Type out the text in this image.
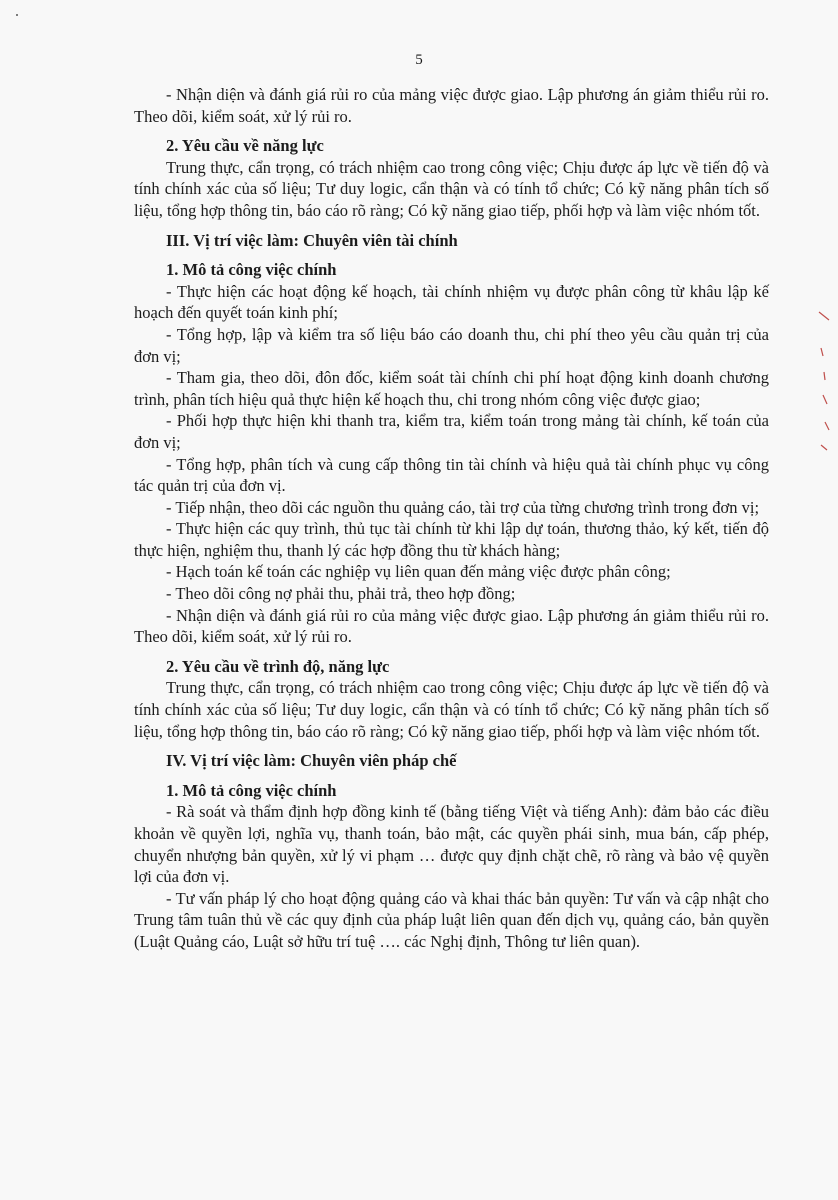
5

- Nhận diện và đánh giá rủi ro của mảng việc được giao. Lập phương án giảm thiểu rủi ro. Theo dõi, kiểm soát, xử lý rủi ro.

2. Yêu cầu về năng lực

Trung thực, cẩn trọng, có trách nhiệm cao trong công việc; Chịu được áp lực về tiến độ và tính chính xác của số liệu; Tư duy logic, cẩn thận và có tính tổ chức; Có kỹ năng phân tích số liệu, tổng hợp thông tin, báo cáo rõ ràng; Có kỹ năng giao tiếp, phối hợp và làm việc nhóm tốt.

III. Vị trí việc làm: Chuyên viên tài chính

1. Mô tả công việc chính

- Thực hiện các hoạt động kế hoạch, tài chính nhiệm vụ được phân công từ khâu lập kế hoạch đến quyết toán kinh phí;

- Tổng hợp, lập và kiểm tra số liệu báo cáo doanh thu, chi phí theo yêu cầu quản trị của đơn vị;

- Tham gia, theo dõi, đôn đốc, kiểm soát tài chính chi phí hoạt động kinh doanh chương trình, phân tích hiệu quả thực hiện kế hoạch thu, chi trong nhóm công việc được giao;

- Phối hợp thực hiện khi thanh tra, kiểm tra, kiểm toán trong mảng tài chính, kế toán của đơn vị;

- Tổng hợp, phân tích và cung cấp thông tin tài chính và hiệu quả tài chính phục vụ công tác quản trị của đơn vị.

- Tiếp nhận, theo dõi các nguồn thu quảng cáo, tài trợ của từng chương trình trong đơn vị;

- Thực hiện các quy trình, thủ tục tài chính từ khi lập dự toán, thương thảo, ký kết, tiến độ thực hiện, nghiệm thu, thanh lý các hợp đồng thu từ khách hàng;

- Hạch toán kế toán các nghiệp vụ liên quan đến mảng việc được phân công;

- Theo dõi công nợ phải thu, phải trả, theo hợp đồng;

- Nhận diện và đánh giá rủi ro của mảng việc được giao. Lập phương án giảm thiểu rủi ro. Theo dõi, kiểm soát, xử lý rủi ro.

2. Yêu cầu về trình độ, năng lực

Trung thực, cẩn trọng, có trách nhiệm cao trong công việc; Chịu được áp lực về tiến độ và tính chính xác của số liệu; Tư duy logic, cẩn thận và có tính tổ chức; Có kỹ năng phân tích số liệu, tổng hợp thông tin, báo cáo rõ ràng; Có kỹ năng giao tiếp, phối hợp và làm việc nhóm tốt.

IV. Vị trí việc làm: Chuyên viên pháp chế

1. Mô tả công việc chính

- Rà soát và thẩm định hợp đồng kinh tế (bằng tiếng Việt và tiếng Anh): đảm bảo các điều khoản về quyền lợi, nghĩa vụ, thanh toán, bảo mật, các quyền phái sinh, mua bán, cấp phép, chuyển nhượng bản quyền, xử lý vi phạm … được quy định chặt chẽ, rõ ràng và bảo vệ quyền lợi của đơn vị.

- Tư vấn pháp lý cho hoạt động quảng cáo và khai thác bản quyền: Tư vấn và cập nhật cho Trung tâm tuân thủ về các quy định của pháp luật liên quan đến dịch vụ, quảng cáo, bản quyền (Luật Quảng cáo, Luật sở hữu trí tuệ …. các Nghị định, Thông tư liên quan).
